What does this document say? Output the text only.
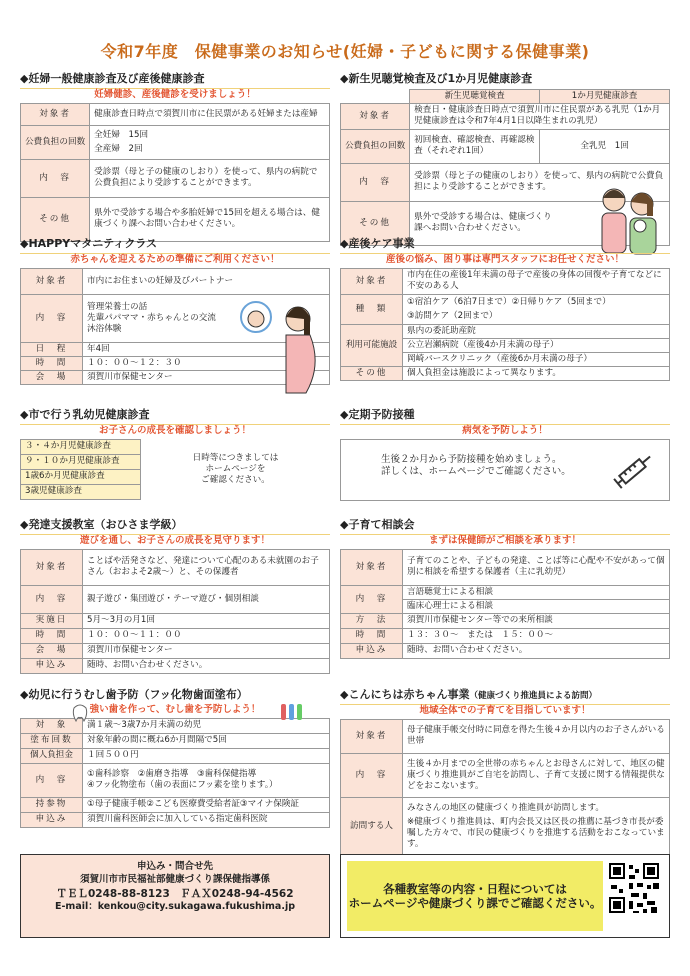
令和7年度　保健事業のお知らせ(妊婦・子どもに関する保健事業)
◆妊婦一般健康診査及び産後健康診査
妊婦健診、産後健診を受けましょう！
対象者	健康診査日時点で須賀川市に住民票がある妊婦または産婦
公費負担の回数	全妊婦　15回
全産婦　2回

内　容	受診票（母と子の健康のしおり）を使って、県内の病院で公費負担により受診することができます。
その他	県外で受診する場合や多胎妊婦で15回を超える場合は、健康づくり課へお問い合わせください。
◆新生児聴覚検査及び1か月児健康診査
	新生児聴覚検査	1か月児健康診査
対象者	検査日・健康診査日時点で須賀川市に住民票がある乳児（1か月児健康診査は令和7年4月1日以降生まれの乳児）	
公費負担の回数	初回検査、確認検査、再確認検査（それぞれ1回）	全乳児　1回
内　容	受診票（母と子の健康のしおり）を使って、県内の病院で公費負担により受診することができます。	
その他	県外で受診する場合は、健康づくり課へお問い合わせください。	
◆HAPPYマタニティクラス
赤ちゃんを迎えるための準備にご利用ください！
対象者	市内にお住まいの妊婦及びパートナー
内　容	管理栄養士の話
先輩パパママ・赤ちゃんとの交流
沐浴体験

日　程	年4回
時　間	１０：００～１２：３０
会　場	須賀川市保健センター
◆産後ケア事業
産後の悩み、困り事は専門スタッフにお任せください！
対象者	市内在住の産後1年未満の母子で産後の身体の回復や子育てなどに不安のある人
種　類	①宿泊ケア（6泊7日まで）②日帰りケア（5回まで）
③訪問ケア（2回まで）

利用可能施設	県内の委託助産院
	公立岩瀬病院（産後4か月未満の母子）
	岡崎バースクリニック（産後6か月未満の母子）
その他	個人負担金は施設によって異なります。
◆市で行う乳幼児健康診査
お子さんの成長を確認しましょう！
３・４か月児健康診査	
日時等につきましては
ホームページを
ご確認ください。

９・１０か月児健康診査
1歳6か月児健康診査
3歳児健康診査
◆定期予防接種
病気を予防しよう！
生後２か月から予防接種を始めましょう。
詳しくは、ホームページでご確認ください。
◆発達支援教室（おひさま学級）
遊びを通し、お子さんの成長を見守ります！
対象者	ことばや活発さなど、発達について心配のある未就園のお子さん（おおよそ2歳～）と、その保護者
内　容	親子遊び・集団遊び・テーマ遊び・個別相談
実施日	5月～3月の月1回
時　間	１０：００～１１：００
会　場	須賀川市保健センター
申込み	随時、お問い合わせください。
◆子育て相談会
まずは保健師がご相談を承ります！
対象者	子育てのことや、子どもの発達、ことば等に心配や不安があって個別に相談を希望する保護者（主に乳幼児）
内　容	言語聴覚士による相談
	臨床心理士による相談
方　法	須賀川市保健センター等での来所相談
時　間	１３：３０～　または　１５：００～
申込み	随時、お問い合わせください。
◆幼児に行うむし歯予防（フッ化物歯面塗布）
強い歯を作って、むし歯を予防しよう！
対　象	満１歳～3歳7か月未満の幼児
塗布回数	対象年齢の間に概ね6か月間隔で5回
個人負担金	１回５００円
内　容	①歯科診察　②歯磨き指導　③歯科保健指導
④フッ化物塗布（歯の表面にフッ素を塗ります。）

持参物	①母子健康手帳②こども医療費受給者証③マイナ保険証
申込み	須賀川歯科医師会に加入している指定歯科医院
◆こんにちは赤ちゃん事業（健康づくり推進員による訪問）
地域全体での子育てを目指しています！
対象者	母子健康手帳交付時に同意を得た生後４か月以内のお子さんがいる世帯
内　容	生後４か月までの全世帯の赤ちゃんとお母さんに対して、地区の健康づくり推進員がご自宅を訪問し、子育て支援に関する情報提供などをおこないます。
訪問する人	みなさんの地区の健康づくり推進員が訪問します。
※健康づくり推進員は、町内会長又は区長の推薦に基づき市長が委嘱した方々で、市民の健康づくりを推進する活動をおこなっています。
申込み・問合せ先
須賀川市市民福祉部健康づくり課保健指導係
ＴＥＬ0248-88-8123　ＦＡＸ0248-94-4562
E-mail：kenkou@city.sukagawa.fukushima.jp
各種教室等の内容・日程については
ホームページや健康づくり課でご確認ください。
